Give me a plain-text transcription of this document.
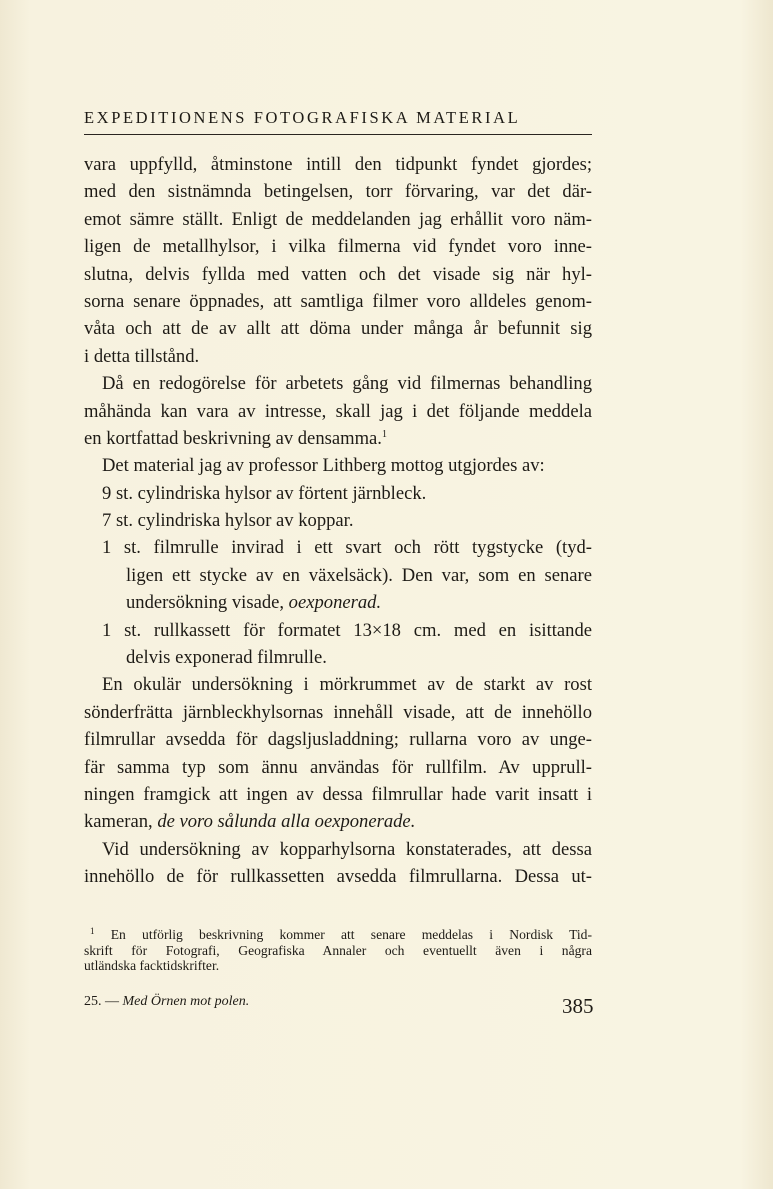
EXPEDITIONENS FOTOGRAFISKA MATERIAL
vara uppfylld, åtminstone intill den tidpunkt fyndet gjordes;
med den sistnämnda betingelsen, torr förvaring, var det där-
emot sämre ställt. Enligt de meddelanden jag erhållit voro näm-
ligen de metallhylsor, i vilka filmerna vid fyndet voro inne-
slutna, delvis fyllda med vatten och det visade sig när hyl-
sorna senare öppnades, att samtliga filmer voro alldeles genom-
våta och att de av allt att döma under många år befunnit sig
i detta tillstånd.
Då en redogörelse för arbetets gång vid filmernas behandling
måhända kan vara av intresse, skall jag i det följande meddela
en kortfattad beskrivning av densamma.$^1$
Det material jag av professor Lithberg mottog utgjordes av:
9 st. cylindriska hylsor av förtent järnbleck.
7 st. cylindriska hylsor av koppar.
1 st. filmrulle invirad i ett svart och rött tygstycke (tyd-
ligen ett stycke av en växelsäck). Den var, som en senare
undersökning visade, oexponerad.
1 st. rullkassett för formatet 13×18 cm. med en isittande
delvis exponerad filmrulle.
En okulär undersökning i mörkrummet av de starkt av rost
sönderfrätta järnbleckhylsornas innehåll visade, att de innehöllo
filmrullar avsedda för dagsljusladdning; rullarna voro av unge-
fär samma typ som ännu användas för rullfilm. Av upprull-
ningen framgick att ingen av dessa filmrullar hade varit insatt i
kameran, de voro sålunda alla oexponerade.
Vid undersökning av kopparhylsorna konstaterades, att dessa
innehöllo de för rullkassetten avsedda filmrullarna. Dessa ut-
$^1$ En utförlig beskrivning kommer att senare meddelas i Nordisk Tid-
skrift för Fotografi, Geografiska Annaler och eventuellt även i några
utländska facktidskrifter.
25. — Med Örnen mot polen.	385
